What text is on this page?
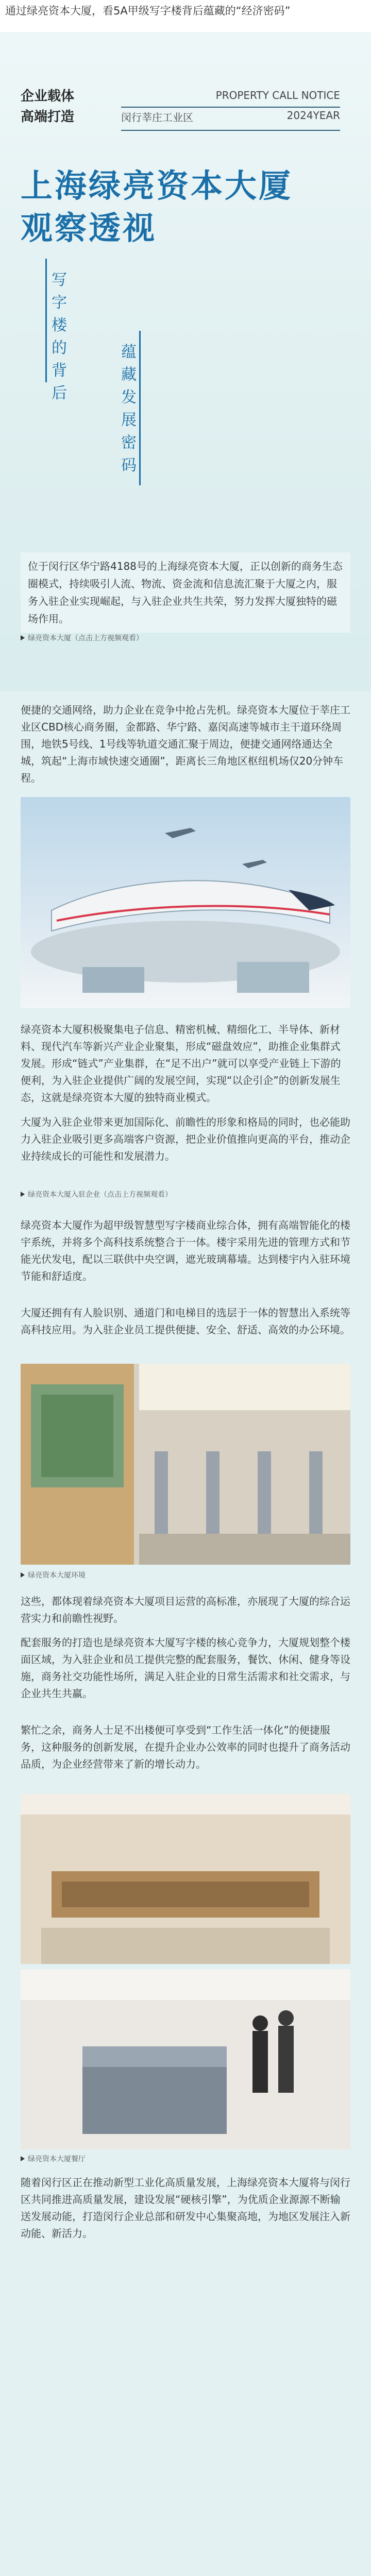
通过绿亮资本大厦，看5A甲级写字楼背后蕴藏的“经济密码”
企业载体
高端打造
PROPERTY CALL NOTICE
闵行莘庄工业区	2024YEAR
上海绿亮资本大厦
观察透视
写
字
楼
的
背
后
蕴
藏
发
展
密
码
位于闵行区华宁路4188号的上海绿亮资本大厦，正以创新的商务生态圈模式，持续吸引人流、物流、资金流和信息流汇聚于大厦之内，服务入驻企业实现崛起，与入驻企业共生共荣，努力发挥大厦独特的磁场作用。
绿亮资本大厦（点击上方视频观看）
便捷的交通网络，助力企业在竞争中抢占先机。绿亮资本大厦位于莘庄工业区CBD核心商务圈，金都路、华宁路、嘉闵高速等城市主干道环绕周围，地铁5号线、1号线等轨道交通汇聚于周边，便捷交通网络通达全城，筑起“上海市域快速交通圈”，距离长三角地区枢纽机场仅20分钟车程。
绿亮资本大厦积极聚集电子信息、精密机械、精细化工、半导体、新材料、现代汽车等新兴产业企业聚集，形成“磁盘效应”，助推企业集群式发展。形成“链式”产业集群，在“足不出户”就可以享受产业链上下游的便利，为入驻企业提供广阔的发展空间，实现“以企引企”的创新发展生态，这就是绿亮资本大厦的独特商业模式。
大厦为入驻企业带来更加国际化、前瞻性的形象和格局的同时，也必能助力入驻企业吸引更多高端客户资源，把企业价值推向更高的平台，推动企业持续成长的可能性和发展潜力。
绿亮资本大厦入驻企业（点击上方视频观看）
绿亮资本大厦作为超甲级智慧型写字楼商业综合体，拥有高端智能化的楼宇系统，并将多个高科技系统整合于一体。楼宇采用先进的管理方式和节能光伏发电，配以三联供中央空调，遮光玻璃幕墙。达到楼宇内入驻环境节能和舒适度。
大厦还拥有有人脸识别、通道门和电梯目的选层于一体的智慧出入系统等高科技应用。为入驻企业员工提供便捷、安全、舒适、高效的办公环境。
绿亮资本大厦环境
这些，都体现着绿亮资本大厦项目运营的高标准，亦展现了大厦的综合运营实力和前瞻性视野。
配套服务的打造也是绿亮资本大厦写字楼的核心竞争力，大厦规划整个楼面区域，为入驻企业和员工提供完整的配套服务，餐饮、休闲、健身等设施，商务社交功能性场所，满足入驻企业的日常生活需求和社交需求，与企业共生共赢。
繁忙之余，商务人士足不出楼便可享受到“工作生活一体化”的便捷服务，这种服务的创新发展，在提升企业办公效率的同时也提升了商务活动品质，为企业经营带来了新的增长动力。
绿亮资本大厦餐厅
随着闵行区正在推动新型工业化高质量发展，上海绿亮资本大厦将与闵行区共同推进高质量发展，建设发展“硬核引擎”，为优质企业源源不断输送发展动能，打造闵行企业总部和研发中心集聚高地，为地区发展注入新动能、新活力。
